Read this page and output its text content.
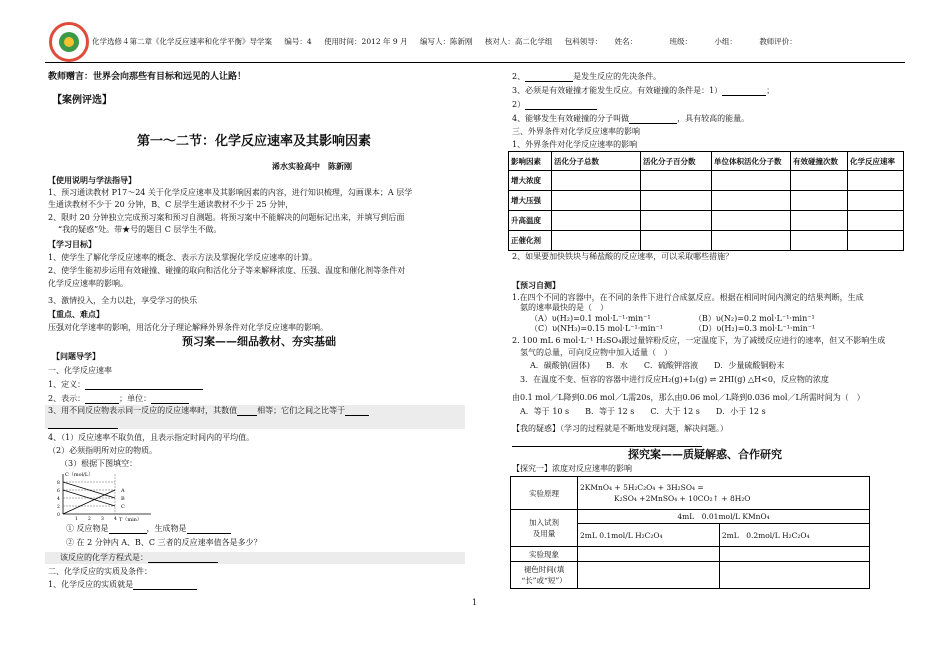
化学选修４第二章《化学反应速率和化学平衡》导学案 编号：4 使用时间：2012 年 9 月 编写人：陈新刚 核对人：高二化学组 包科领导： 姓名：	班级：	小组：	教师评价：
教师赠言：世界会向那些有目标和远见的人让路！
【案例评选】
第一～二节：化学反应速率及其影响因素
浠水实验高中　陈新刚
【使用说明与学法指导】
1、预习通读教材 P17～24 关于化学反应速率及其影响因素的内容，进行知识梳理，勾画课本；A 层学
生通读教材不少于 20 分钟，B、C 层学生通读教材不少于 25 分钟，
2、限时 20 分钟独立完成预习案和预习自测题。将预习案中不能解决的问题标记出来，并填写到后面
“我的疑惑”处。带★号的题目 C 层学生不做。
【学习目标】
1、使学生了解化学反应速率的概念、表示方法及掌握化学反应速率的计算。
2、使学生能初步运用有效碰撞、碰撞的取向和活化分子等来解释浓度、压强、温度和催化剂等条件对
化学反应速率的影响。
3、激情投入，全力以赴，享受学习的快乐
【重点、难点】
压强对化学速率的影响，用活化分子理论解释外界条件对化学反应速率的影响。
预习案——细品教材、夯实基础
【问题导学】
一、化学反应速率
1、定义：
2、表示：	；单位：
3、用不同反应物表示同一反应的反应速率时，其数值	相等；它们之间之比等于
4、（1）反应速率不取负值，且表示指定时间内的平均值。
（2）必须指明所对应的物质。
（3）根据下图填空：
C（mol/L）
A
B
C
T（min）
8
6
4
2
0
1 2 3 4
① 反应物是	，生成物是
② 在 2 分钟内 A、B、C 三者的反应速率值各是多少？
该反应的化学方程式是：
二、化学反应的实质及条件：
1、化学反应的实质就是
2、	是发生反应的先决条件。
3、必须是有效碰撞才能发生反应。有效碰撞的条件是：1）	；
2）
4、能够发生有效碰撞的分子叫做	，具有较高的能量。
三、外界条件对化学反应速率的影响
1、外界条件对化学反应速率的影响
影响因素	活化分子总数	活化分子百分数	单位体积活化分子数	有效碰撞次数	化学反应速率
增大浓度					
增大压强					
升高温度					
正催化剂					
2、如果要加快铁块与稀盐酸的反应速率，可以采取哪些措施？
【预习自测】
1.在四个不同的容器中，在不同的条件下进行合成氨反应。根据在相同时间内测定的结果判断，生成
氨的速率最快的是（　）
（A）υ(H₂)=0.1 mol·L⁻¹·min⁻¹	（B）υ(N₂)=0.2 mol·L⁻¹·min⁻¹
（C）υ(NH₃)=0.15 mol·L⁻¹·min⁻¹	（D）υ(H₂)=0.3 mol·L⁻¹·min⁻¹
2. 100 mL 6 mol·L⁻¹ H₂SO₄跟过量锌粉反应，一定温度下，为了减缓反应进行的速率，但又不影响生成
氢气的总量，可向反应物中加入适量（　）
A．碳酸钠(固体)　　B．水　　C．硫酸钾溶液　　D．少量硫酸铜粉末
3．在温度不变、恒容的容器中进行反应H₂(g)+I₂(g) ⇌ 2HI(g) △H<0，反应物的浓度
由0.1 mol／L降到0.06 mol／L需20s，那么由0.06 mol／L降到0.036 mol／L所需时间为（　）
A．等于 10 s　　B．等于 12 s　　C．大于 12 s　　D．小于 12 s
【我的疑惑】（学习的过程就是不断地发现问题，解决问题。）
探究案——质疑解惑、合作研究
【探究一】浓度对反应速率的影响
实验原理	2KMnO₄ + 5H₂C₂O₄ + 3H₂SO₄ =
K₂SO₄ +2MnSO₄ + 10CO₂↑ + 8H₂O	

加入试剂
及用量	4mL　0.01mol/L KMnO₄	
	2mL 0.1mol/L H₂C₂O₄	2mL　0.2mol/L H₂C₂O₄
实验现象		

褪色时间(填
“长”或“短”）		

1
